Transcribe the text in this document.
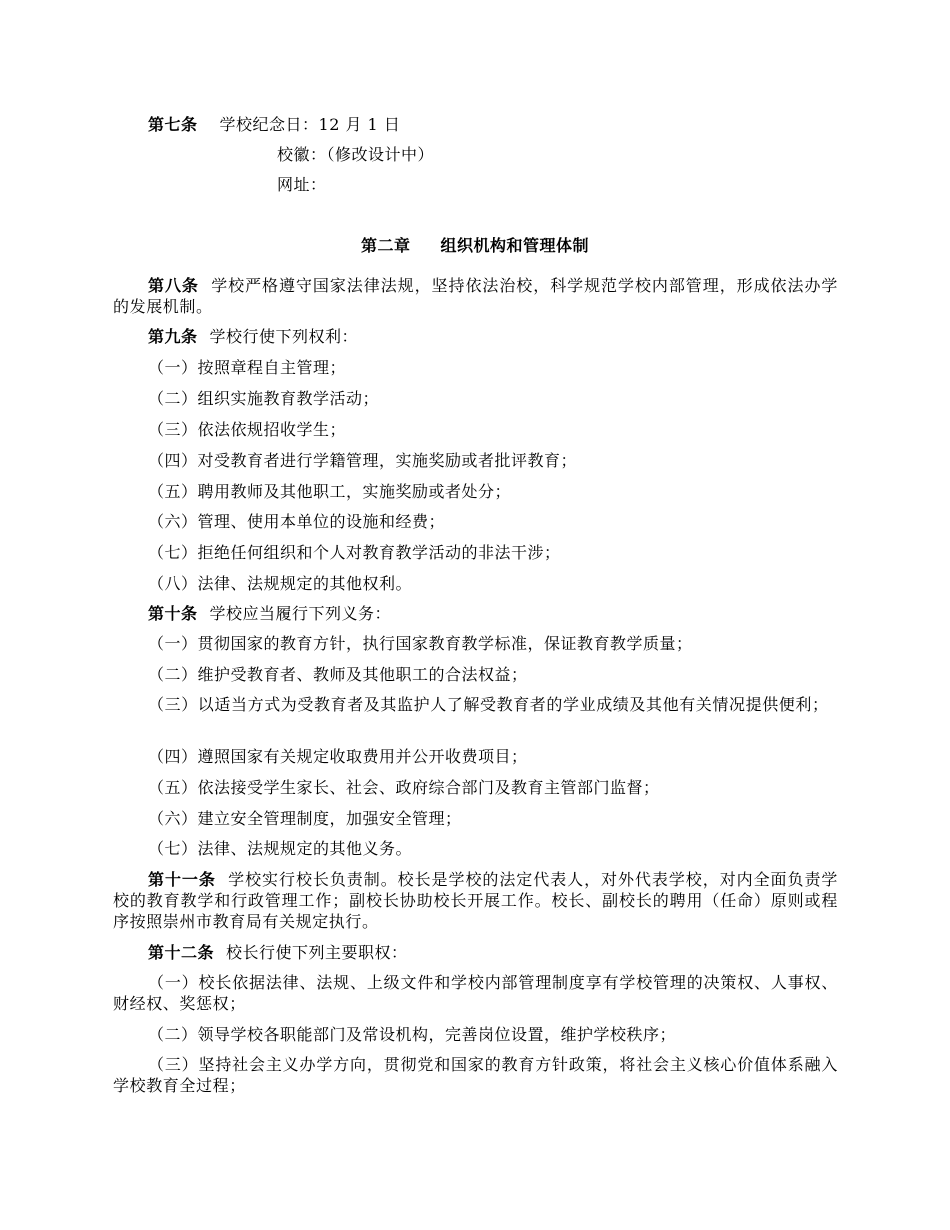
第七条 学校纪念日：12 月 1 日
校徽：（修改设计中）
网址：
第二章 组织机构和管理体制
第八条 学校严格遵守国家法律法规，坚持依法治校，科学规范学校内部管理，形成依法办学的发展机制。
第九条 学校行使下列权利：
（一）按照章程自主管理；
（二）组织实施教育教学活动；
（三）依法依规招收学生；
（四）对受教育者进行学籍管理，实施奖励或者批评教育；
（五）聘用教师及其他职工，实施奖励或者处分；
（六）管理、使用本单位的设施和经费；
（七）拒绝任何组织和个人对教育教学活动的非法干涉；
（八）法律、法规规定的其他权利。
第十条 学校应当履行下列义务：
（一）贯彻国家的教育方针，执行国家教育教学标准，保证教育教学质量；
（二）维护受教育者、教师及其他职工的合法权益；
（三）以适当方式为受教育者及其监护人了解受教育者的学业成绩及其他有关情况提供便利；
（四）遵照国家有关规定收取费用并公开收费项目；
（五）依法接受学生家长、社会、政府综合部门及教育主管部门监督；
（六）建立安全管理制度，加强安全管理；
（七）法律、法规规定的其他义务。
第十一条 学校实行校长负责制。校长是学校的法定代表人，对外代表学校，对内全面负责学校的教育教学和行政管理工作；副校长协助校长开展工作。校长、副校长的聘用（任命）原则或程序按照崇州市教育局有关规定执行。
第十二条 校长行使下列主要职权：
（一）校长依据法律、法规、上级文件和学校内部管理制度享有学校管理的决策权、人事权、财经权、奖惩权；
（二）领导学校各职能部门及常设机构，完善岗位设置，维护学校秩序；
（三）坚持社会主义办学方向，贯彻党和国家的教育方针政策，将社会主义核心价值体系融入学校教育全过程；
